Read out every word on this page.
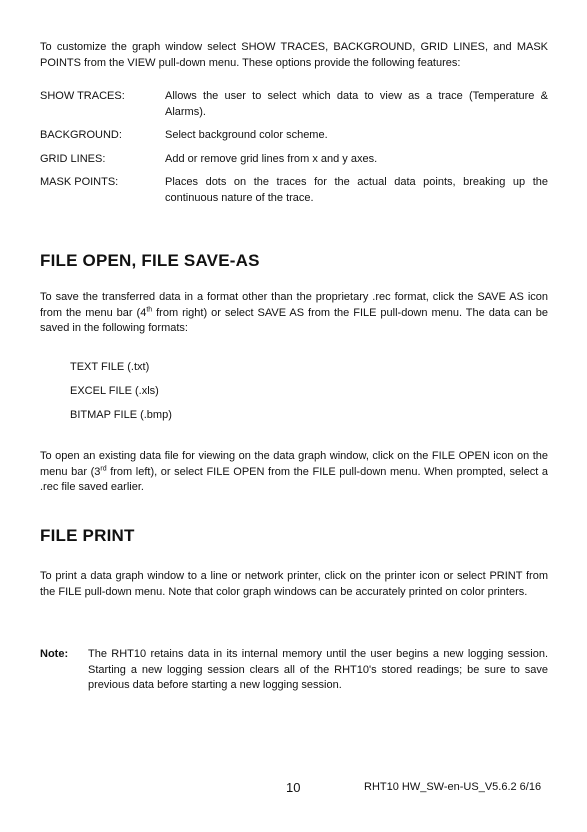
To customize the graph window select SHOW TRACES, BACKGROUND, GRID LINES, and MASK POINTS from the VIEW pull-down menu. These options provide the following features:
SHOW TRACES:	Allows the user to select which data to view as a trace (Temperature & Alarms).
BACKGROUND:	Select background color scheme.
GRID LINES:	Add or remove grid lines from x and y axes.
MASK POINTS:	Places dots on the traces for the actual data points, breaking up the continuous nature of the trace.
FILE OPEN, FILE SAVE-AS
To save the transferred data in a format other than the proprietary .rec format, click the SAVE AS icon from the menu bar (4th from right) or select SAVE AS from the FILE pull-down menu. The data can be saved in the following formats:
TEXT FILE (.txt)
EXCEL FILE (.xls)
BITMAP FILE (.bmp)
To open an existing data file for viewing on the data graph window, click on the FILE OPEN icon on the menu bar (3rd from left), or select FILE OPEN from the FILE pull-down menu. When prompted, select a .rec file saved earlier.
FILE PRINT
To print a data graph window to a line or network printer, click on the printer icon or select PRINT from the FILE pull-down menu. Note that color graph windows can be accurately printed on color printers.
Note:	The RHT10 retains data in its internal memory until the user begins a new logging session. Starting a new logging session clears all of the RHT10's stored readings; be sure to save previous data before starting a new logging session.
10	RHT10 HW_SW-en-US_V5.6.2 6/16
